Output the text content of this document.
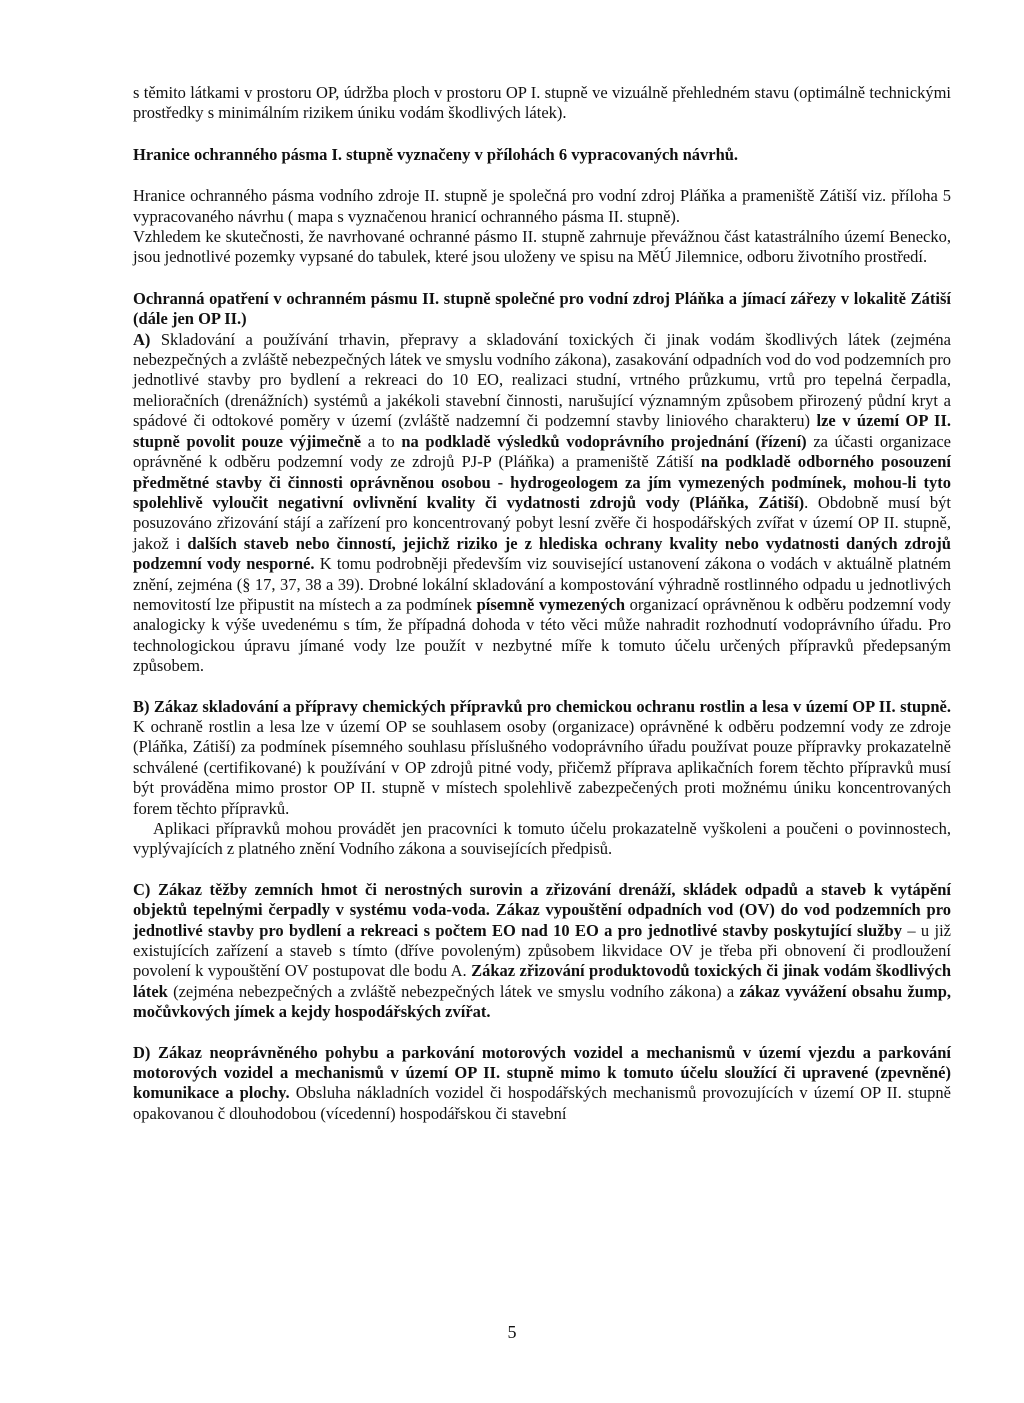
s těmito látkami v prostoru OP, údržba ploch v prostoru OP I. stupně ve vizuálně přehledném stavu (optimálně technickými prostředky s minimálním rizikem úniku vodám škodlivých látek).

Hranice ochranného pásma I. stupně vyznačeny v přílohách 6 vypracovaných návrhů.

Hranice ochranného pásma vodního zdroje II. stupně je společná pro vodní zdroj Pláňka a prameniště Zátiší viz. příloha 5 vypracovaného návrhu ( mapa s vyznačenou hranicí ochranného pásma II. stupně).

Vzhledem ke skutečnosti, že navrhované ochranné pásmo II. stupně zahrnuje převážnou část katastrálního území Benecko, jsou jednotlivé pozemky vypsané do tabulek, které jsou uloženy ve spisu na MěÚ Jilemnice, odboru životního prostředí.

Ochranná opatření v ochranném pásmu II. stupně společné pro vodní zdroj Pláňka a jímací zářezy v lokalitě Zátiší (dále jen OP II.)

A) Skladování a používání trhavin, přepravy a skladování toxických či jinak vodám škodlivých látek (zejména nebezpečných a zvláště nebezpečných látek ve smyslu vodního zákona), zasakování odpadních vod do vod podzemních pro jednotlivé stavby pro bydlení a rekreaci do 10 EO, realizaci studní, vrtného průzkumu, vrtů pro tepelná čerpadla, melioračních (drenážních) systémů a jakékoli stavební činnosti, narušující významným způsobem přirozený půdní kryt a spádové či odtokové poměry v území (zvláště nadzemní či podzemní stavby liniového charakteru) lze v území OP II. stupně povolit pouze výjimečně a to na podkladě výsledků vodoprávního projednání (řízení) za účasti organizace oprávněné k odběru podzemní vody ze zdrojů PJ-P (Pláňka) a prameniště Zátiší na podkladě odborného posouzení předmětné stavby či činnosti oprávněnou osobou - hydrogeologem za jím vymezených podmínek, mohou-li tyto spolehlivě vyloučit negativní ovlivnění kvality či vydatnosti zdrojů vody (Pláňka, Zátiší). Obdobně musí být posuzováno zřizování stájí a zařízení pro koncentrovaný pobyt lesní zvěře či hospodářských zvířat v území OP II. stupně, jakož i dalších staveb nebo činností, jejichž riziko je z hlediska ochrany kvality nebo vydatnosti daných zdrojů podzemní vody nesporné. K tomu podrobněji především viz související ustanovení zákona o vodách v aktuálně platném znění, zejména (§ 17, 37, 38 a 39). Drobné lokální skladování a kompostování výhradně rostlinného odpadu u jednotlivých nemovitostí lze připustit na místech a za podmínek písemně vymezených organizací oprávněnou k odběru podzemní vody analogicky k výše uvedenému s tím, že případná dohoda v této věci může nahradit rozhodnutí vodoprávního úřadu. Pro technologickou úpravu jímané vody lze použít v nezbytné míře k tomuto účelu určených přípravků předepsaným způsobem.

B) Zákaz skladování a přípravy chemických přípravků pro chemickou ochranu rostlin a lesa v území OP II. stupně. K ochraně rostlin a lesa lze v území OP se souhlasem osoby (organizace) oprávněné k odběru podzemní vody ze zdroje (Pláňka, Zátiší) za podmínek písemného souhlasu příslušného vodoprávního úřadu používat pouze přípravky prokazatelně schválené (certifikované) k používání v OP zdrojů pitné vody, přičemž příprava aplikačních forem těchto přípravků musí být prováděna mimo prostor OP II. stupně v místech spolehlivě zabezpečených proti možnému úniku koncentrovaných forem těchto přípravků.

Aplikaci přípravků mohou provádět jen pracovníci k tomuto účelu prokazatelně vyškoleni a poučeni o povinnostech, vyplývajících z platného znění Vodního zákona a souvisejících předpisů.

C) Zákaz těžby zemních hmot či nerostných surovin a zřizování drenáží, skládek odpadů a staveb k vytápění objektů tepelnými čerpadly v systému voda-voda. Zákaz vypouštění odpadních vod (OV) do vod podzemních pro jednotlivé stavby pro bydlení a rekreaci s počtem EO nad 10 EO a pro jednotlivé stavby poskytující služby – u již existujících zařízení a staveb s tímto (dříve povoleným) způsobem likvidace OV je třeba při obnovení či prodloužení povolení k vypouštění OV postupovat dle bodu A. Zákaz zřizování produktovodů toxických či jinak vodám škodlivých látek (zejména nebezpečných a zvláště nebezpečných látek ve smyslu vodního zákona) a zákaz vyvážení obsahu žump, močůvkových jímek a kejdy hospodářských zvířat.

D) Zákaz neoprávněného pohybu a parkování motorových vozidel a mechanismů v území vjezdu a parkování motorových vozidel a mechanismů v území OP II. stupně mimo k tomuto účelu sloužící či upravené (zpevněné) komunikace a plochy. Obsluha nákladních vozidel či hospodářských mechanismů provozujících v území OP II. stupně opakovanou č dlouhodobou (vícedenní) hospodářskou či stavební

5
